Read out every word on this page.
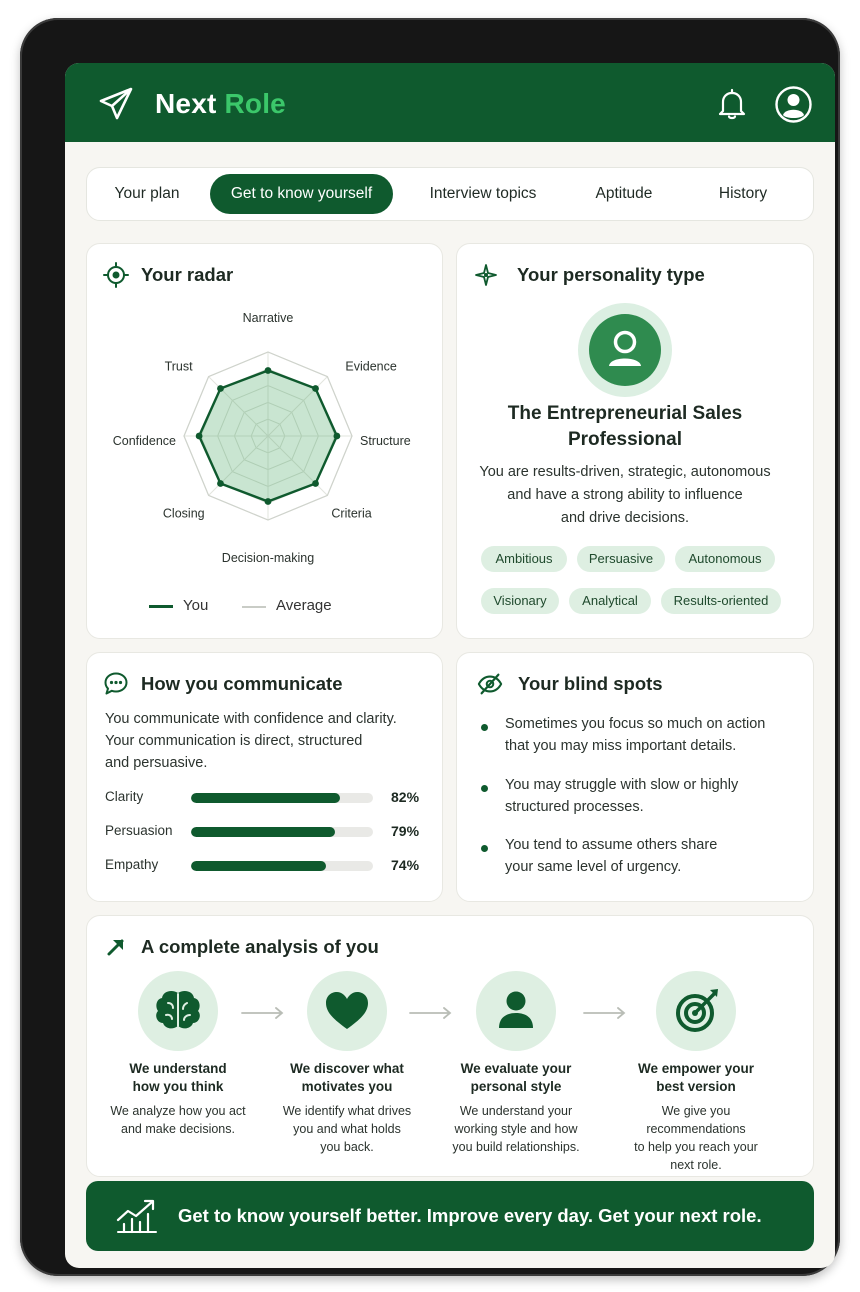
Next Role
Your plan	Get to know yourself	Interview topics	Aptitude	History
Your radar
Narrative
Evidence
Structure
Criteria
Decision-making
Closing
Confidence
Trust
You	Average
Your personality type
The Entrepreneurial Sales
Professional
You are results-driven, strategic, autonomous
and have a strong ability to influence
and drive decisions.
Ambitious	Persuasive	Autonomous
Visionary	Analytical	Results-oriented
How you communicate
You communicate with confidence and clarity.
Your communication is direct, structured
and persuasive.
Clarity	82%
Persuasion	79%
Empathy	74%
Your blind spots
Sometimes you focus so much on action
that you may miss important details.
You may struggle with slow or highly
structured processes.
You tend to assume others share
your same level of urgency.
A complete analysis of you
We understand
how you think
We analyze how you act
and make decisions.
We discover what
motivates you
We identify what drives
you and what holds
you back.
We evaluate your
personal style
We understand your
working style and how
you build relationships.
We empower your
best version
We give you recommendations
to help you reach your
next role.
Get to know yourself better. Improve every day. Get your next role.
